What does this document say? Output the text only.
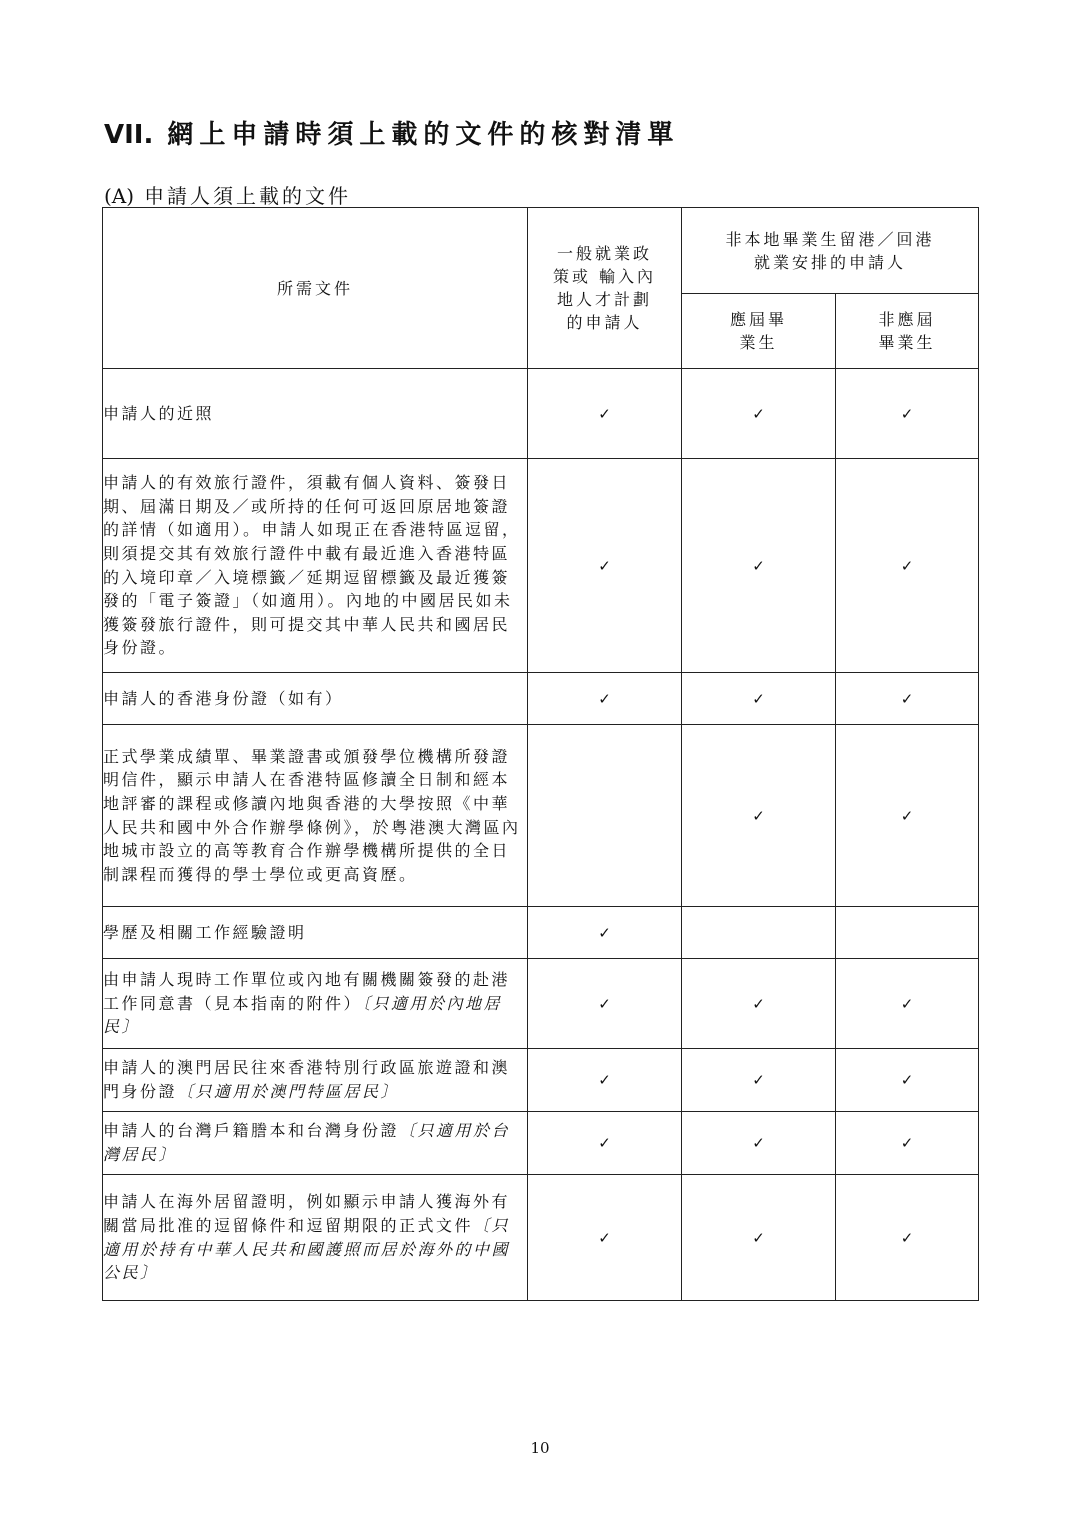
VII. 網上申請時須上載的文件的核對清單
(A) 申請人須上載的文件
所需文件	一般就業政策或 輸入內地人才計劃的申請人	非本地畢業生留港／回港就業安排的申請人	

		應屆畢業生	非應屆畢業生

申請人的近照	✓	✓	✓
申請人的有效旅行證件，須載有個人資料、簽發日期、屆滿日期及／或所持的任何可返回原居地簽證的詳情（如適用）。申請人如現正在香港特區逗留，則須提交其有效旅行證件中載有最近進入香港特區的入境印章／入境標籤／延期逗留標籤及最近獲簽發的「電子簽證」（如適用）。內地的中國居民如未獲簽發旅行證件，則可提交其中華人民共和國居民身份證。	✓	✓	✓
申請人的香港身份證（如有）	✓	✓	✓
正式學業成績單、畢業證書或頒發學位機構所發證明信件，顯示申請人在香港特區修讀全日制和經本地評審的課程或修讀內地與香港的大學按照《中華人民共和國中外合作辦學條例》，於粵港澳大灣區內地城市設立的高等教育合作辦學機構所提供的全日制課程而獲得的學士學位或更高資歷。		✓	✓
學歷及相關工作經驗證明	✓		
由申請人現時工作單位或內地有關機關簽發的赴港工作同意書（見本指南的附件）〔只適用於內地居民〕	✓	✓	✓
申請人的澳門居民往來香港特別行政區旅遊證和澳門身份證〔只適用於澳門特區居民〕	✓	✓	✓
申請人的台灣戶籍謄本和台灣身份證〔只適用於台灣居民〕	✓	✓	✓
申請人在海外居留證明，例如顯示申請人獲海外有關當局批准的逗留條件和逗留期限的正式文件〔只適用於持有中華人民共和國護照而居於海外的中國公民〕	✓	✓	✓
10
